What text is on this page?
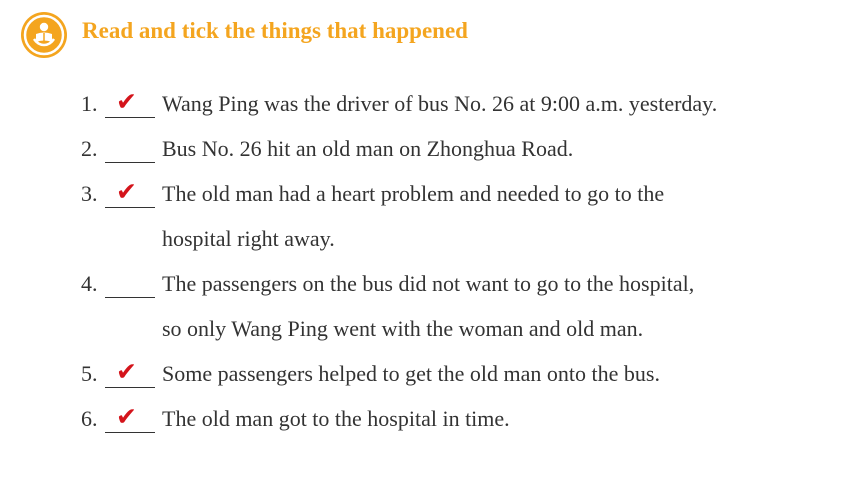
Read and tick the things that happened
1. ✔ Wang Ping was the driver of bus No. 26 at 9:00 a.m. yesterday.
2.	Bus No. 26 hit an old man on Zhonghua Road.
3. ✔ The old man had a heart problem and needed to go to the
hospital right away.
4.	The passengers on the bus did not want to go to the hospital,
so only Wang Ping went with the woman and old man.
5. ✔ Some passengers helped to get the old man onto the bus.
6. ✔ The old man got to the hospital in time.
